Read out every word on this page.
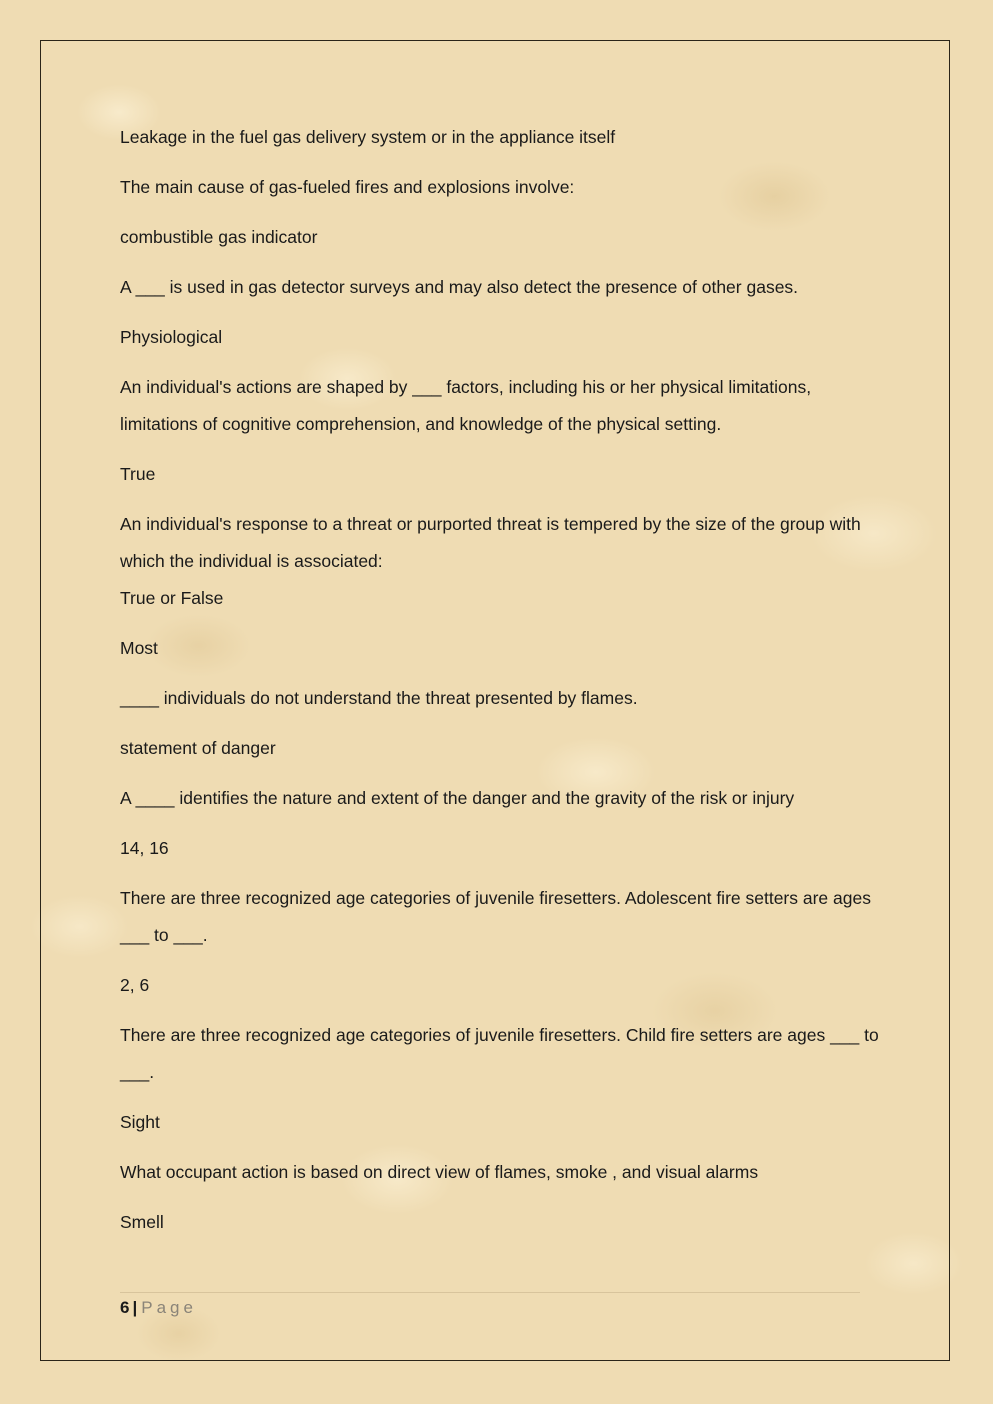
Leakage in the fuel gas delivery system or in the appliance itself

The main cause of gas-fueled fires and explosions involve:

combustible gas indicator

A ___ is used in gas detector surveys and may also detect the presence of other gases.

Physiological

An individual's actions are shaped by ___ factors, including his or her physical limitations, limitations of cognitive comprehension, and knowledge of the physical setting.

True

An individual's response to a threat or purported threat is tempered by the size of the group with which the individual is associated:

True or False

Most

____ individuals do not understand the threat presented by flames.

statement of danger

A ____ identifies the nature and extent of the danger and the gravity of the risk or injury

14, 16

There are three recognized age categories of juvenile firesetters. Adolescent fire setters are ages ___ to ___.

2, 6

There are three recognized age categories of juvenile firesetters. Child fire setters are ages ___ to ___.

Sight

What occupant action is based on direct view of flames, smoke , and visual alarms

Smell

6 | Page
